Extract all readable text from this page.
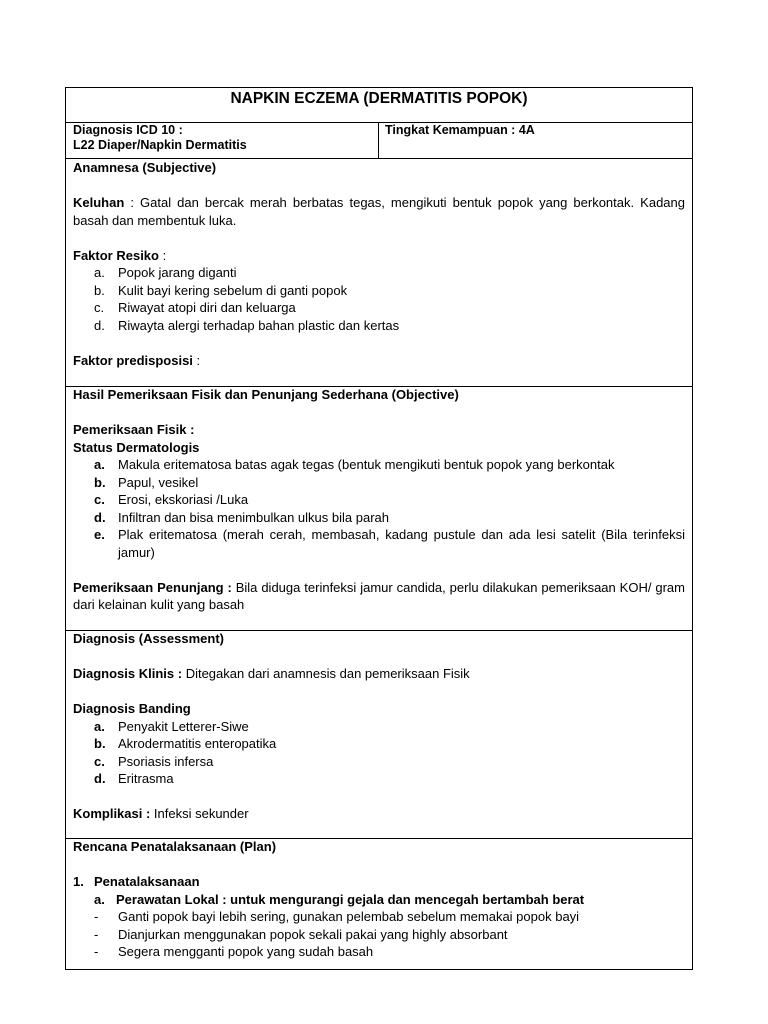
NAPKIN ECZEMA (DERMATITIS POPOK)
Diagnosis ICD 10 :
L22 Diaper/Napkin Dermatitis
Tingkat Kemampuan : 4A
Anamnesa (Subjective)
Keluhan : Gatal dan bercak merah berbatas tegas, mengikuti bentuk popok yang berkontak. Kadang basah dan membentuk luka.
Faktor Resiko :
a. Popok jarang diganti
b. Kulit bayi kering sebelum di ganti popok
c. Riwayat atopi diri dan keluarga
d. Riwayta alergi terhadap bahan plastic dan kertas
Faktor predisposisi :
Hasil Pemeriksaan Fisik dan Penunjang Sederhana (Objective)
Pemeriksaan Fisik :
Status Dermatologis
a. Makula eritematosa batas agak tegas (bentuk mengikuti bentuk popok yang berkontak
b. Papul, vesikel
c. Erosi, ekskoriasi /Luka
d. Infiltran dan bisa menimbulkan ulkus bila parah
e. Plak eritematosa (merah cerah, membasah, kadang pustule dan ada lesi satelit (Bila terinfeksi jamur)
Pemeriksaan Penunjang : Bila diduga terinfeksi jamur candida, perlu dilakukan pemeriksaan KOH/ gram dari kelainan kulit yang basah
Diagnosis (Assessment)
Diagnosis Klinis : Ditegakan dari anamnesis dan pemeriksaan Fisik
Diagnosis Banding
a. Penyakit Letterer-Siwe
b. Akrodermatitis enteropatika
c. Psoriasis infersa
d. Eritrasma
Komplikasi : Infeksi sekunder
Rencana Penatalaksanaan (Plan)
1. Penatalaksanaan
a. Perawatan Lokal : untuk mengurangi gejala dan mencegah bertambah berat
- Ganti popok bayi lebih sering, gunakan pelembab sebelum memakai popok bayi
- Dianjurkan menggunakan popok sekali pakai yang highly absorbant
- Segera mengganti popok yang sudah basah
